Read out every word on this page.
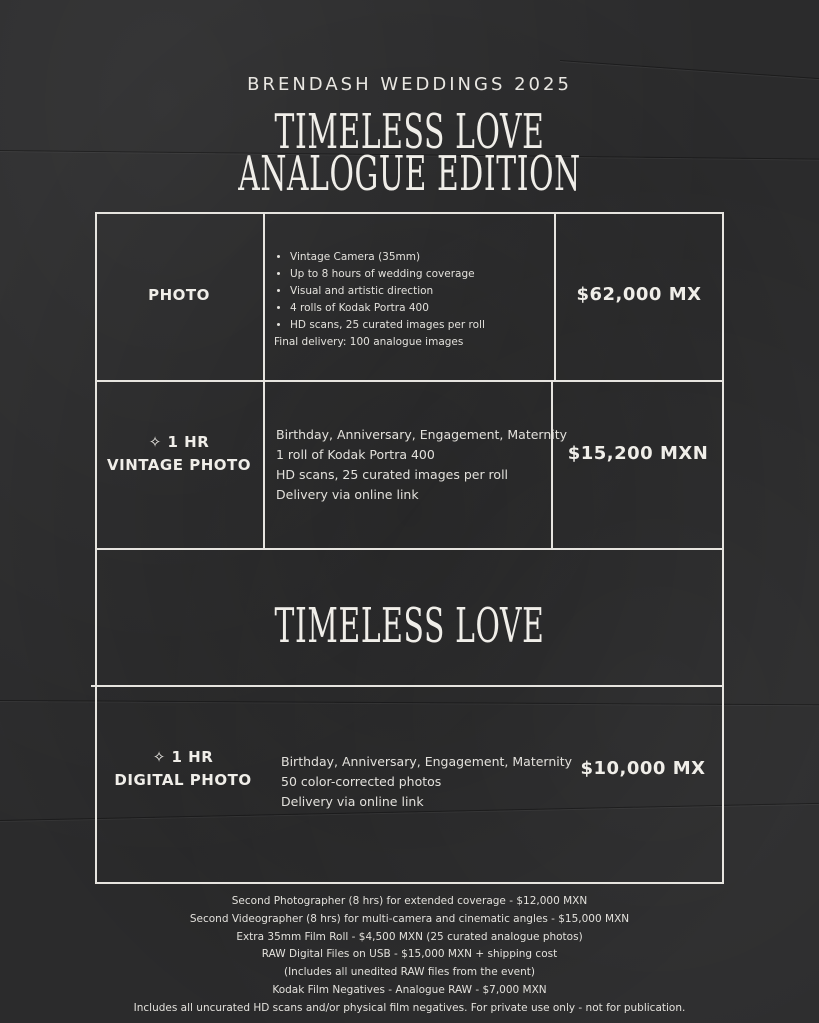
BRENDASH WEDDINGS 2025
TIMELESS LOVE
ANALOGUE EDITION
PHOTO
• Vintage Camera (35mm)
• Up to 8 hours of wedding coverage
• Visual and artistic direction
• 4 rolls of Kodak Portra 400
• HD scans, 25 curated images per roll
Final delivery: 100 analogue images
$62,000 MX
✧ 1 HR
VINTAGE PHOTO
Birthday, Anniversary, Engagement, Maternity
1 roll of Kodak Portra 400
HD scans, 25 curated images per roll
Delivery via online link
$15,200 MXN
TIMELESS LOVE
✧ 1 HR
DIGITAL PHOTO
Birthday, Anniversary, Engagement, Maternity
50 color-corrected photos
Delivery via online link
$10,000 MX
Second Photographer (8 hrs) for extended coverage - $12,000 MXN
Second Videographer (8 hrs) for multi-camera and cinematic angles - $15,000 MXN
Extra 35mm Film Roll - $4,500 MXN (25 curated analogue photos)
RAW Digital Files on USB - $15,000 MXN + shipping cost
(Includes all unedited RAW files from the event)
Kodak Film Negatives - Analogue RAW - $7,000 MXN
Includes all uncurated HD scans and/or physical film negatives. For private use only - not for publication.
